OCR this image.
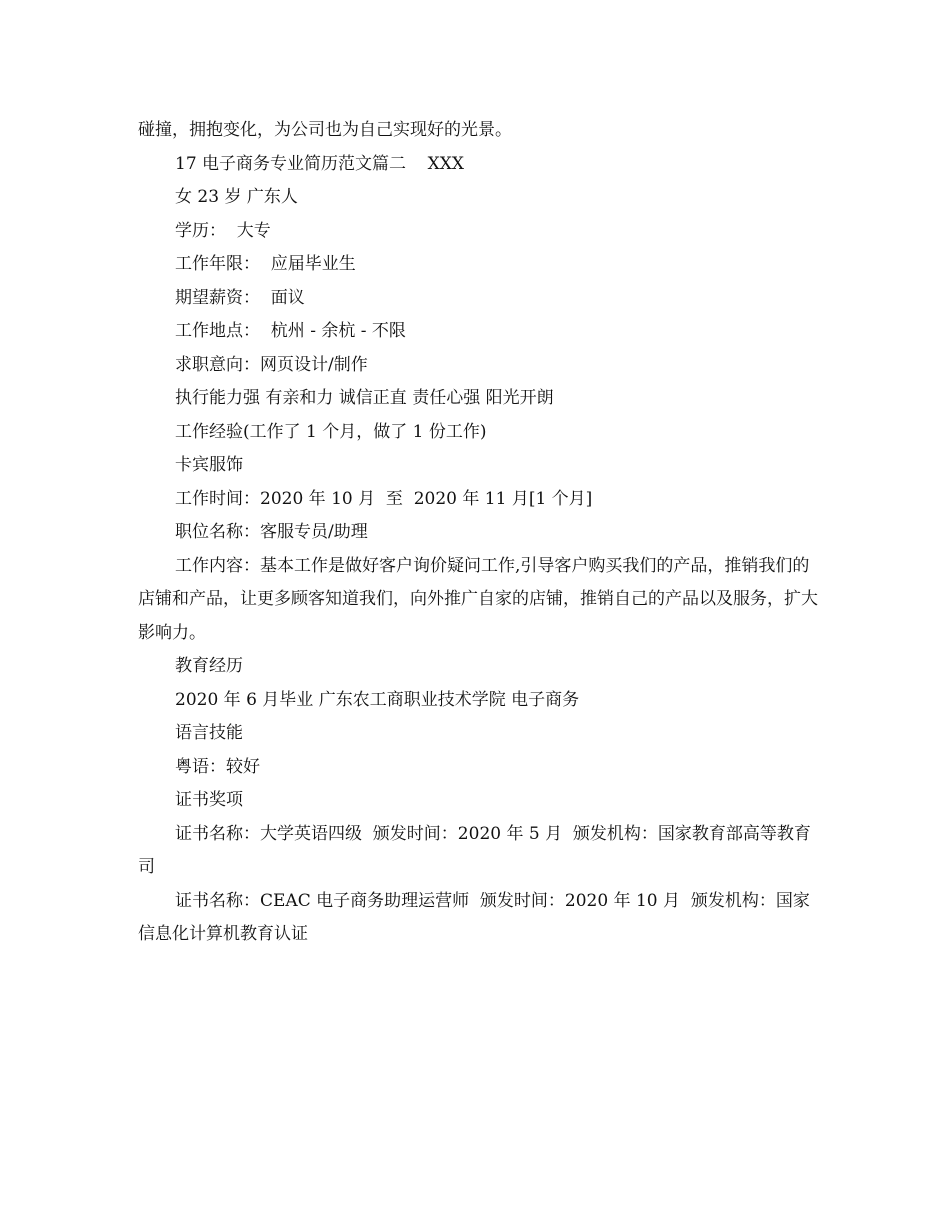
碰撞，拥抱变化，为公司也为自己实现好的光景。

17 电子商务专业简历范文篇二    XXX

女 23 岁 广东人

学历：  大专

工作年限：  应届毕业生

期望薪资：  面议

工作地点：  杭州 - 余杭 - 不限

求职意向：网页设计/制作

执行能力强 有亲和力 诚信正直 责任心强 阳光开朗

工作经验(工作了 1 个月，做了 1 份工作)

卡宾服饰

工作时间：2020 年 10 月  至  2020 年 11 月[1 个月]

职位名称：客服专员/助理

工作内容：基本工作是做好客户询价疑问工作,引导客户购买我们的产品，推销我们的店铺和产品，让更多顾客知道我们，向外推广自家的店铺，推销自己的产品以及服务，扩大影响力。

教育经历

2020 年 6 月毕业 广东农工商职业技术学院 电子商务

语言技能

粤语：较好

证书奖项

证书名称：大学英语四级  颁发时间：2020 年 5 月  颁发机构：国家教育部高等教育司

证书名称：CEAC 电子商务助理运营师  颁发时间：2020 年 10 月  颁发机构：国家信息化计算机教育认证
